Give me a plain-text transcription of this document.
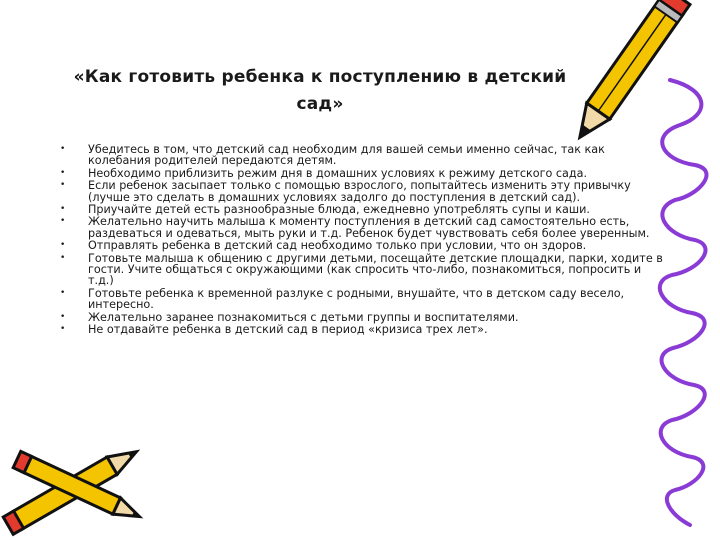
«Как готовить ребенка к поступлению в детский сад»
• Убедитесь в том, что детский сад необходим для вашей семьи именно сейчас, так как колебания родителей передаются детям.
• Необходимо приблизить режим дня в домашних условиях к режиму детского сада.
• Если ребенок засыпает только с помощью взрослого, попытайтесь изменить эту привычку (лучше это сделать в домашних условиях задолго до поступления в детский сад).
• Приучайте детей есть разнообразные блюда, ежедневно употреблять супы и каши.
• Желательно научить малыша к моменту поступления в детский сад самостоятельно есть, раздеваться и одеваться, мыть руки и т.д. Ребенок будет чувствовать себя более уверенным.
• Отправлять ребенка в детский сад необходимо только при условии, что он здоров.
• Готовьте малыша к общению с другими детьми, посещайте детские площадки, парки, ходите в гости. Учите общаться с окружающими (как спросить что-либо, познакомиться, попросить и т.д.)
• Готовьте ребенка к временной разлуке с родными, внушайте, что в детском саду весело, интересно.
• Желательно заранее познакомиться с детьми группы и воспитателями.
• Не отдавайте ребенка в детский сад в период «кризиса трех лет».
